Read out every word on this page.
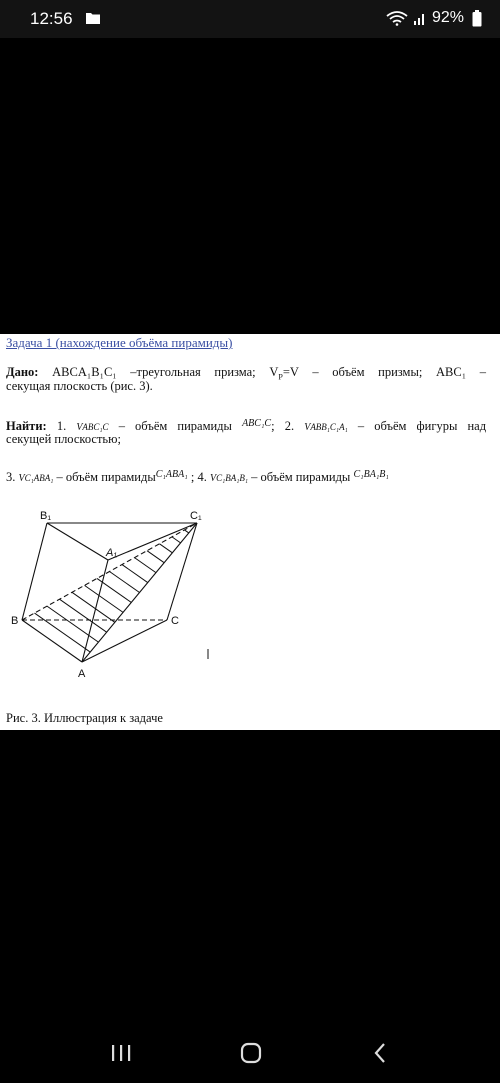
12:56	92%
Задача 1 (нахождение объёма пирамиды)
Дано: ABCA₁B₁C₁ –треугольная призма; $V_P=V$ – объём призмы; ABC₁ –
секущая плоскость (рис. 3).
Найти: 1. VABC₁C – объём пирамиды $^{ABC_1C}$; 2. VABB₁C₁A₁ – объём фигуры над
секущей плоскостью;
3. VC₁ABA₁ – объём пирамиды$^{C_1ABA_1}$ ; 4. VC₁BA₁B₁ – объём пирамиды $^{C_1BA_1B_1}$
B₁	C₁
A₁
B	C
A
Рис. 3. Иллюстрация к задаче
